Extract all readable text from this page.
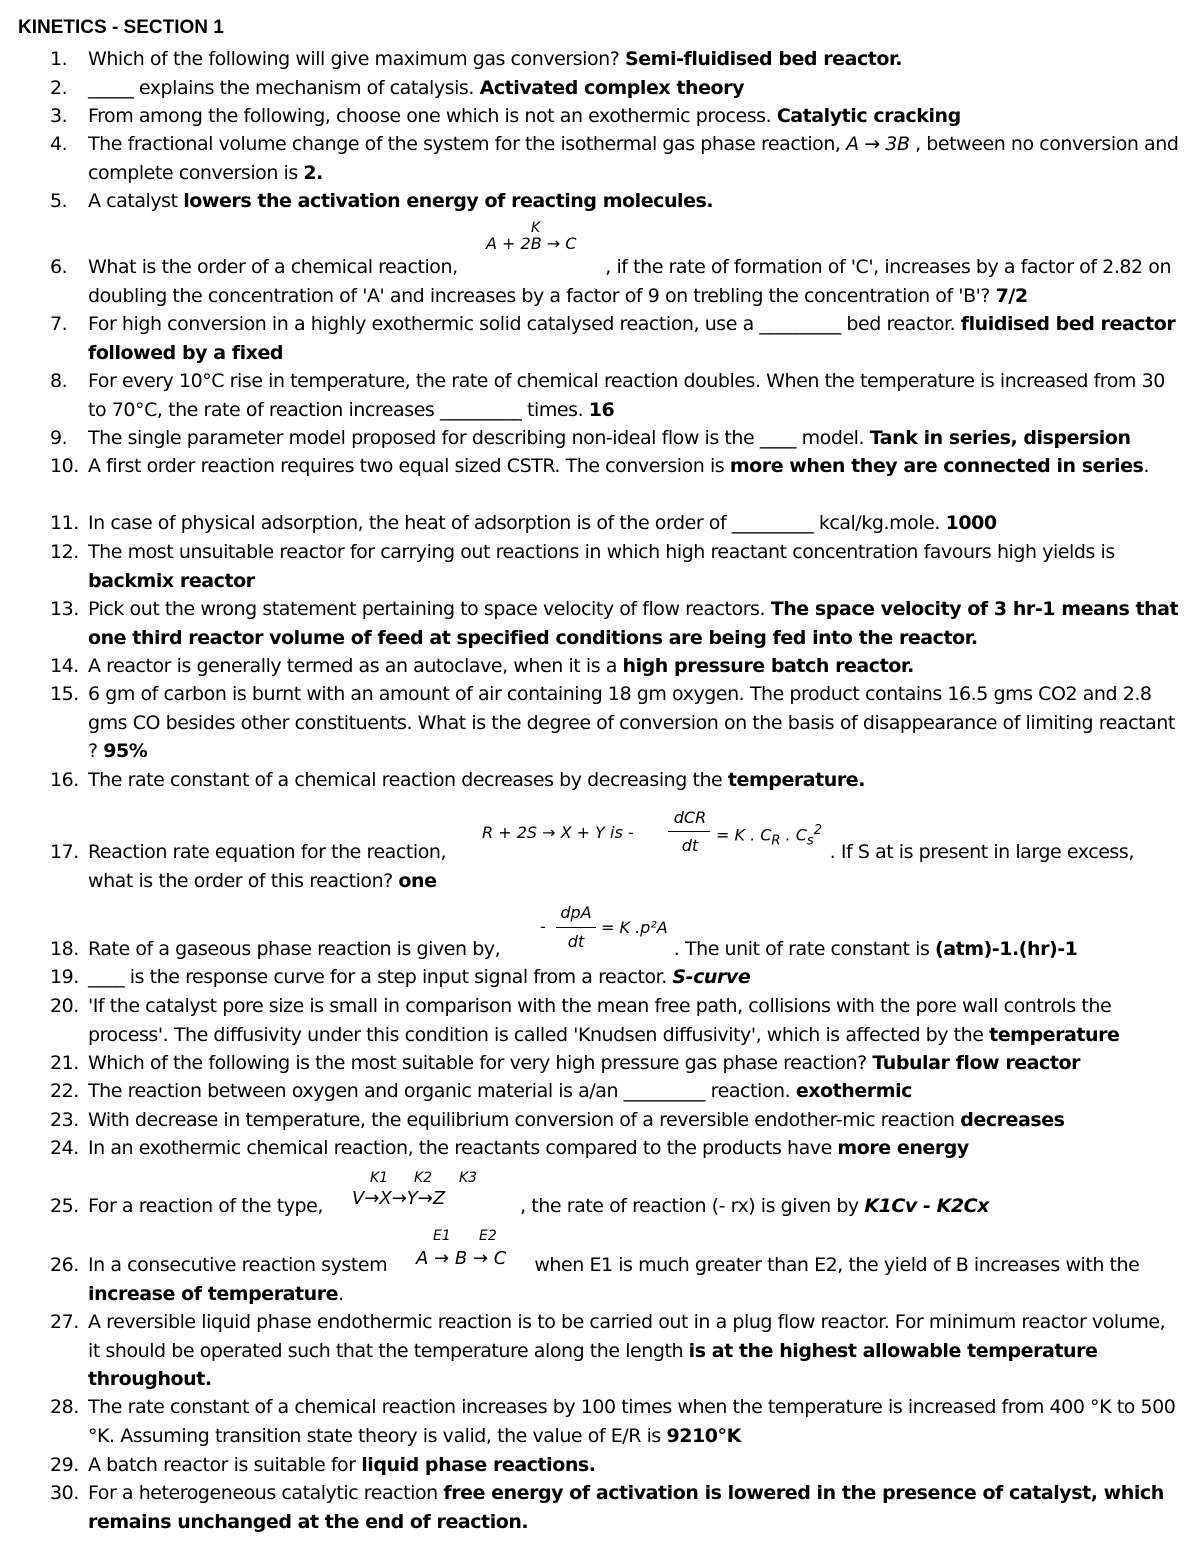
KINETICS - SECTION 1
1. Which of the following will give maximum gas conversion? Semi-fluidised bed reactor.
2. _____ explains the mechanism of catalysis. Activated complex theory
3. From among the following, choose one which is not an exothermic process. Catalytic cracking
4. The fractional volume change of the system for the isothermal gas phase reaction, A → 3B , between no conversion and complete conversion is 2.
5. A catalyst lowers the activation energy of reacting molecules.
K
A + 2B → C
6. What is the order of a chemical reaction,	, if the rate of formation of 'C', increases by a factor of 2.82 on doubling the concentration of 'A' and increases by a factor of 9 on trebling the concentration of 'B'? 7/2
7. For high conversion in a highly exothermic solid catalysed reaction, use a _________ bed reactor. fluidised bed reactor followed by a fixed
8. For every 10°C rise in temperature, the rate of chemical reaction doubles. When the temperature is increased from 30 to 70°C, the rate of reaction increases _________ times. 16
9. The single parameter model proposed for describing non-ideal flow is the ____ model. Tank in series, dispersion
10. A first order reaction requires two equal sized CSTR. The conversion is more when they are connected in series.
11. In case of physical adsorption, the heat of adsorption is of the order of _________ kcal/kg.mole. 1000
12. The most unsuitable reactor for carrying out reactions in which high reactant concentration favours high yields is backmix reactor
13. Pick out the wrong statement pertaining to space velocity of flow reactors. The space velocity of 3 hr-1 means that one third reactor volume of feed at specified conditions are being fed into the reactor.
14. A reactor is generally termed as an autoclave, when it is a high pressure batch reactor.
15. 6 gm of carbon is burnt with an amount of air containing 18 gm oxygen. The product contains 16.5 gms CO2 and 2.8 gms CO besides other constituents. What is the degree of conversion on the basis of disappearance of limiting reactant ? 95%
16. The rate constant of a chemical reaction decreases by decreasing the temperature.
R + 2S → X + Y is -
dCR
dt
= K . $C_R$ . $C_s^2$
17. Reaction rate equation for the reaction,	. If S at is present in large excess, what is the order of this reaction? one
-
dpA
dt
= K .p²A
18. Rate of a gaseous phase reaction is given by,	. The unit of rate constant is (atm)-1.(hr)-1
19. ____ is the response curve for a step input signal from a reactor. S-curve
20. 'If the catalyst pore size is small in comparison with the mean free path, collisions with the pore wall controls the process'. The diffusivity under this condition is called 'Knudsen diffusivity', which is affected by the temperature
21. Which of the following is the most suitable for very high pressure gas phase reaction? Tubular flow reactor
22. The reaction between oxygen and organic material is a/an _________ reaction. exothermic
23. With decrease in temperature, the equilibrium conversion of a reversible endother-mic reaction decreases
24. In an exothermic chemical reaction, the reactants compared to the products have more energy
K1 K2 K3
V→X→Y→Z
25. For a reaction of the type,	, the rate of reaction (- rx) is given by K1Cv - K2Cx
E1 E2
A → B → C
26. In a consecutive reaction system	when E1 is much greater than E2, the yield of B increases with the increase of temperature.
27. A reversible liquid phase endothermic reaction is to be carried out in a plug flow reactor. For minimum reactor volume, it should be operated such that the temperature along the length is at the highest allowable temperature throughout.
28. The rate constant of a chemical reaction increases by 100 times when the temperature is increased from 400 °K to 500 °K. Assuming transition state theory is valid, the value of E/R is 9210°K
29. A batch reactor is suitable for liquid phase reactions.
30. For a heterogeneous catalytic reaction free energy of activation is lowered in the presence of catalyst, which remains unchanged at the end of reaction.
